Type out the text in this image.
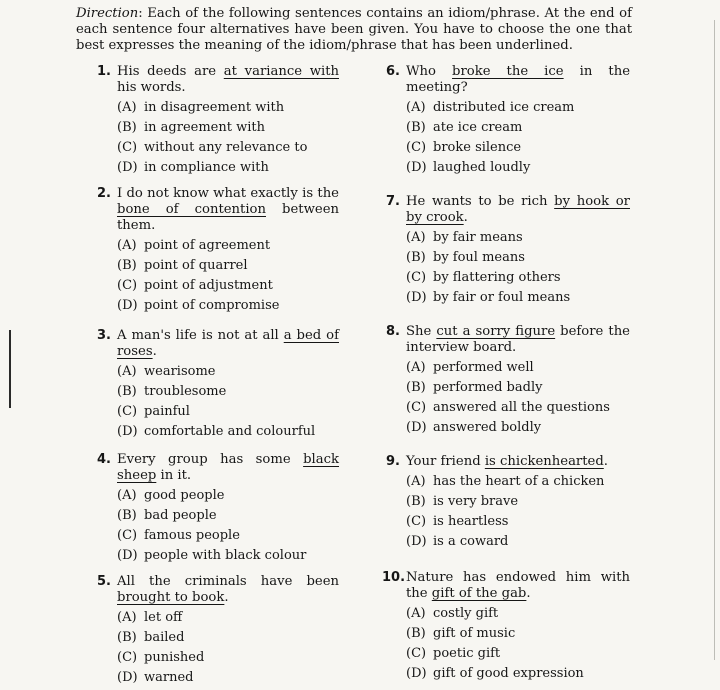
Direction: Each of the following sentences contains an idiom/phrase. At the end of each sentence four alternatives have been given. You have to choose the one that best expresses the meaning of the idiom/phrase that has been underlined.
1. His deeds are at variance with his words.
(A) in disagreement with
(B) in agreement with
(C) without any relevance to
(D) in compliance with
2. I do not know what exactly is the bone of contention between them.
(A) point of agreement
(B) point of quarrel
(C) point of adjustment
(D) point of compromise
3. A man's life is not at all a bed of roses.
(A) wearisome
(B) troublesome
(C) painful
(D) comfortable and colourful
4. Every group has some black sheep in it.
(A) good people
(B) bad people
(C) famous people
(D) people with black colour
5. All the criminals have been brought to book.
(A) let off
(B) bailed
(C) punished
(D) warned
6. Who broke the ice in the meeting?
(A) distributed ice cream
(B) ate ice cream
(C) broke silence
(D) laughed loudly
7. He wants to be rich by hook or by crook.
(A) by fair means
(B) by foul means
(C) by flattering others
(D) by fair or foul means
8. She cut a sorry figure before the interview board.
(A) performed well
(B) performed badly
(C) answered all the questions
(D) answered boldly
9. Your friend is chickenhearted.
(A) has the heart of a chicken
(B) is very brave
(C) is heartless
(D) is a coward
10. Nature has endowed him with the gift of the gab.
(A) costly gift
(B) gift of music
(C) poetic gift
(D) gift of good expression
